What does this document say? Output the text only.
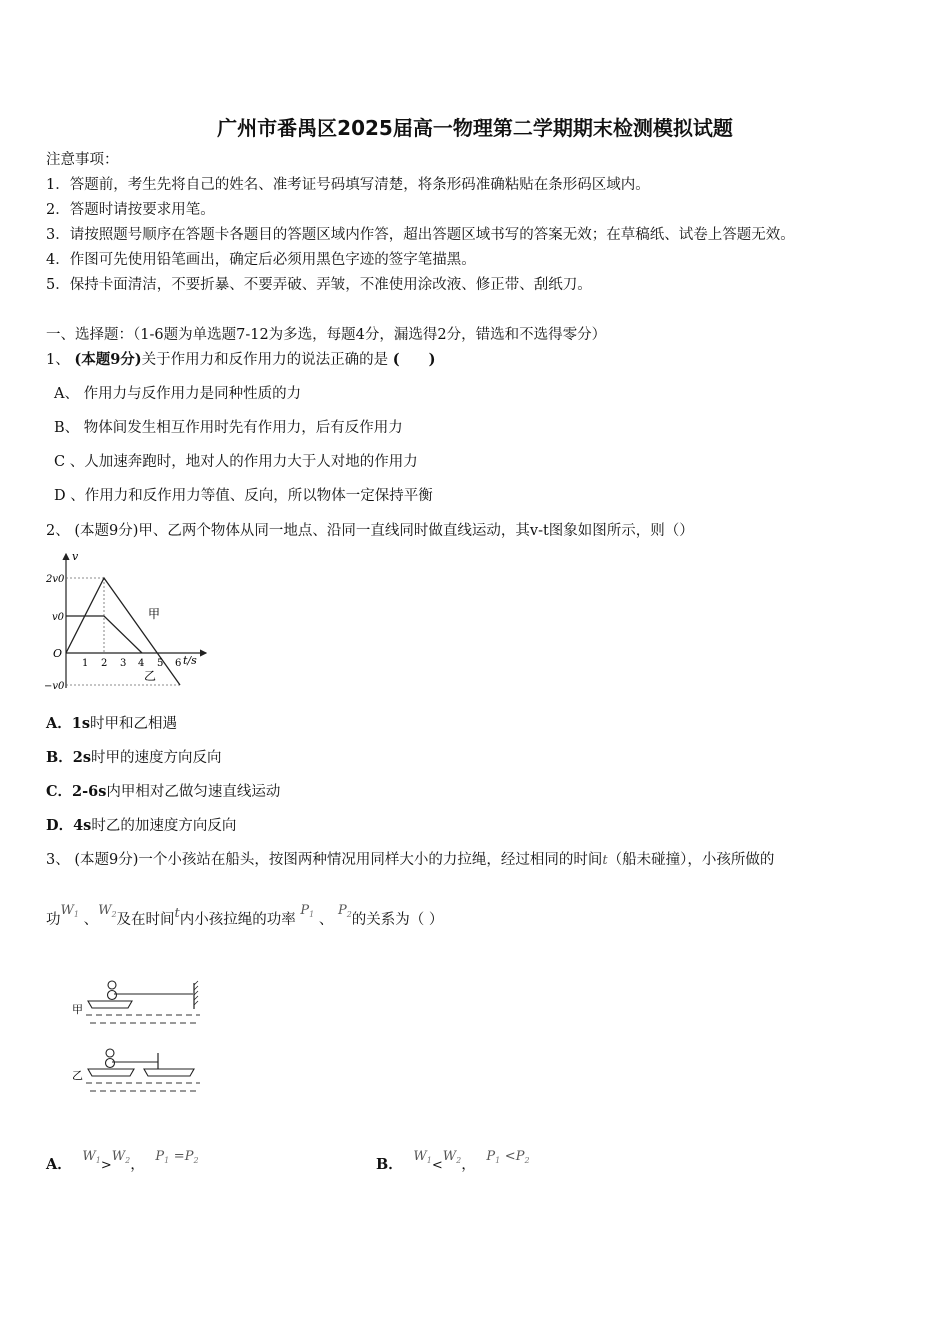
广州市番禺区2025届高一物理第二学期期末检测模拟试题
注意事项：
1．答题前，考生先将自己的姓名、准考证号码填写清楚，将条形码准确粘贴在条形码区域内。
2．答题时请按要求用笔。
3．请按照题号顺序在答题卡各题目的答题区域内作答，超出答题区域书写的答案无效；在草稿纸、试卷上答题无效。
4．作图可先使用铅笔画出，确定后必须用黑色字迹的签字笔描黑。
5．保持卡面清洁，不要折暴、不要弄破、弄皱，不准使用涂改液、修正带、刮纸刀。
一、选择题：（1-6题为单选题7-12为多选，每题4分，漏选得2分，错选和不选得零分）
1、 (本题9分)关于作用力和反作用力的说法正确的是 (　　)
A、 作用力与反作用力是同种性质的力
B、 物体间发生相互作用时先有作用力，后有反作用力
C 、人加速奔跑时，地对人的作用力大于人对地的作用力
D 、作用力和反作用力等值、反向，所以物体一定保持平衡
2、 (本题9分)甲、乙两个物体从同一地点、沿同一直线同时做直线运动，其v-t图象如图所示，则（）
v
t/s
O
2v0
v0
−v0
1 2 3 4 5 6
甲
乙
A．1s时甲和乙相遇
B．2s时甲的速度方向反向
C．2-6s内甲相对乙做匀速直线运动
D．4s时乙的加速度方向反向
3、 (本题9分)一个小孩站在船头，按图两种情况用同样大小的力拉绳，经过相同的时间t（船未碰撞），小孩所做的
功$W_1$ 、$W_2$及在时间t内小孩拉绳的功率 $P_1$ 、 $P_2$的关系为（ ）
甲
乙
A． $W_1>W_2$， $P_1 =P_2$	B． $W_1<W_2$， $P_1 <P_2$
